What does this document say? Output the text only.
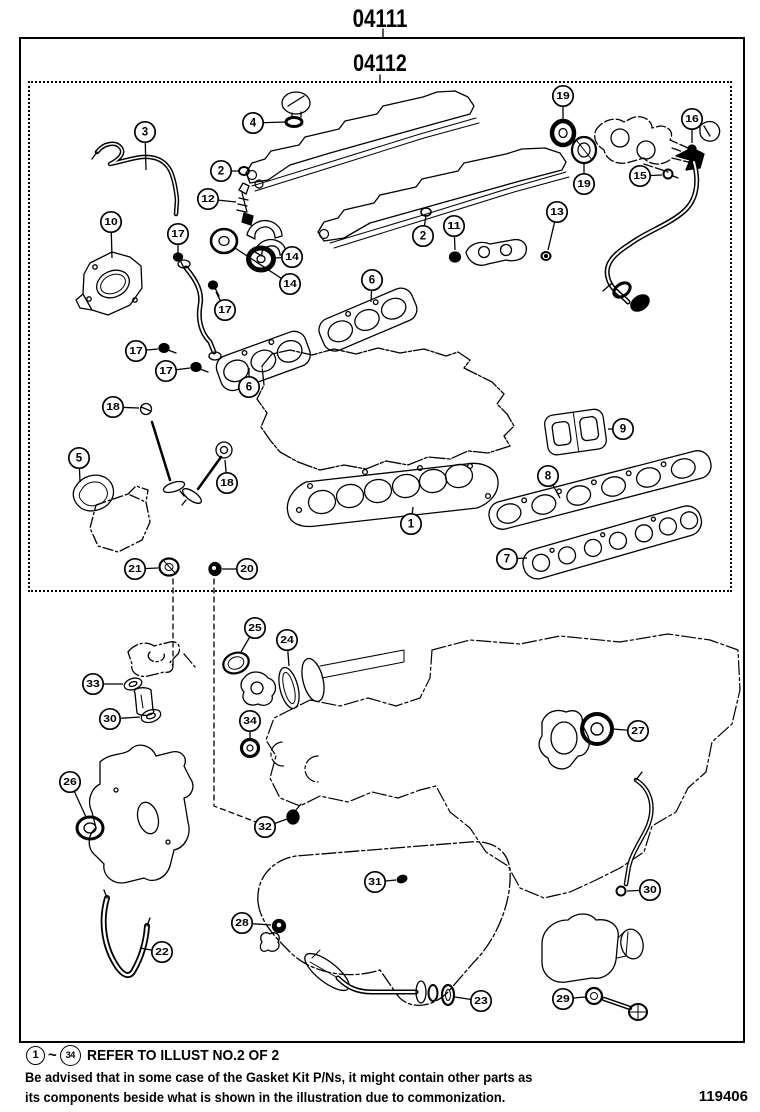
04111
04112
3
4
2
12
10
17
14
14
17
6
17
17
6
18
5
18
21	20
1
2
11
13
19
19
16
15
9
8
7
25
24
33
30	34
26
32
27
22
28
31
30
23	29
1 ~ 34 REFER TO ILLUST NO.2 OF 2
Be advised that in some case of the Gasket Kit P/Ns, it might contain other parts as
its components beside what is shown in the illustration due to commonization.	119406
